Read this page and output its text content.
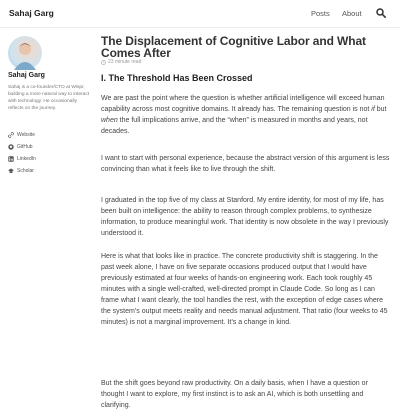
Sahaj Garg	Posts About
Sahaj Garg
Sahaj is a co-founder/CTO at Wispr, building a more natural way to interact with technology. He occasionally reflects on the journey.
Website
GitHub
LinkedIn
Scholar
The Displacement of Cognitive Labor and What Comes After
23 minute read
I. The Threshold Has Been Crossed

We are past the point where the question is whether artificial intelligence will exceed human capability across most cognitive domains. It already has. The remaining question is not if but when the full implications arrive, and the “when” is measured in months and years, not decades.

I want to start with personal experience, because the abstract version of this argument is less convincing than what it feels like to live through the shift.

I graduated in the top five of my class at Stanford. My entire identity, for most of my life, has been built on intelligence: the ability to reason through complex problems, to synthesize information, to produce meaningful work. That identity is now obsolete in the way I previously understood it.

Here is what that looks like in practice. The concrete productivity shift is staggering. In the past week alone, I have on five separate occasions produced output that I would have previously estimated at four weeks of hands-on engineering work. Each took roughly 45 minutes with a single well-crafted, well-directed prompt in Claude Code. So long as I can frame what I want clearly, the tool handles the rest, with the exception of edge cases where the system’s output meets reality and needs manual adjustment. That ratio (four weeks to 45 minutes) is not a marginal improvement. It’s a change in kind.

But the shift goes beyond raw productivity. On a daily basis, when I have a question or thought I want to explore, my first instinct is to ask an AI, which is both unsettling and clarifying.
